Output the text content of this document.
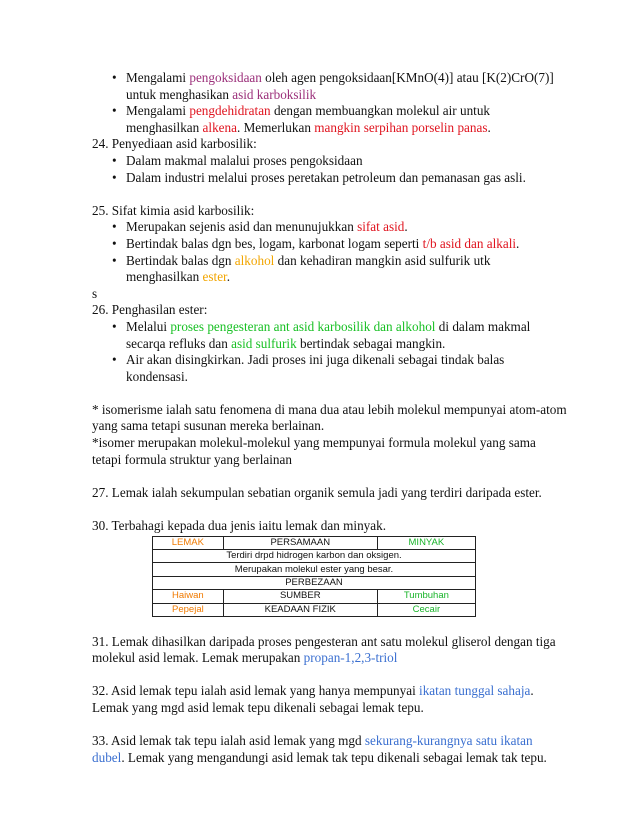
• Mengalami pengoksidaan oleh agen pengoksidaan[KMnO(4)] atau [K(2)CrO(7)]
untuk menghasikan asid karboksilik
• Mengalami pengdehidratan dengan membuangkan molekul air untuk
menghasilkan alkena. Memerlukan mangkin serpihan porselin panas.
24. Penyediaan asid karbosilik:
• Dalam makmal malalui proses pengoksidaan
• Dalam industri melalui proses peretakan petroleum dan pemanasan gas asli.
25. Sifat kimia asid karbosilik:
• Merupakan sejenis asid dan menunujukkan sifat asid.
• Bertindak balas dgn bes, logam, karbonat logam seperti t/b asid dan alkali.
• Bertindak balas dgn alkohol dan kehadiran mangkin asid sulfurik utk
menghasilkan ester.
s
26. Penghasilan ester:
• Melalui proses pengesteran ant asid karbosilik dan alkohol di dalam makmal
secarqa refluks dan asid sulfurik bertindak sebagai mangkin.
• Air akan disingkirkan. Jadi proses ini juga dikenali sebagai tindak balas
kondensasi.
* isomerisme ialah satu fenomena di mana dua atau lebih molekul mempunyai atom-atom
yang sama tetapi susunan mereka berlainan.
*isomer merupakan molekul-molekul yang mempunyai formula molekul yang sama
tetapi formula struktur yang berlainan
27. Lemak ialah sekumpulan sebatian organik semula jadi yang terdiri daripada ester.
30. Terbahagi kepada dua jenis iaitu lemak dan minyak.
LEMAK	PERSAMAAN	MINYAK
Terdiri drpd hidrogen karbon dan oksigen.		
Merupakan molekul ester yang besar.		
PERBEZAAN		
Haiwan	SUMBER	Tumbuhan
Pepejal	KEADAAN FIZIK	Cecair
31. Lemak dihasilkan daripada proses pengesteran ant satu molekul gliserol dengan tiga
molekul asid lemak. Lemak merupakan propan-1,2,3-triol
32. Asid lemak tepu ialah asid lemak yang hanya mempunyai ikatan tunggal sahaja.
Lemak yang mgd asid lemak tepu dikenali sebagai lemak tepu.
33. Asid lemak tak tepu ialah asid lemak yang mgd sekurang-kurangnya satu ikatan
dubel. Lemak yang mengandungi asid lemak tak tepu dikenali sebagai lemak tak tepu.
